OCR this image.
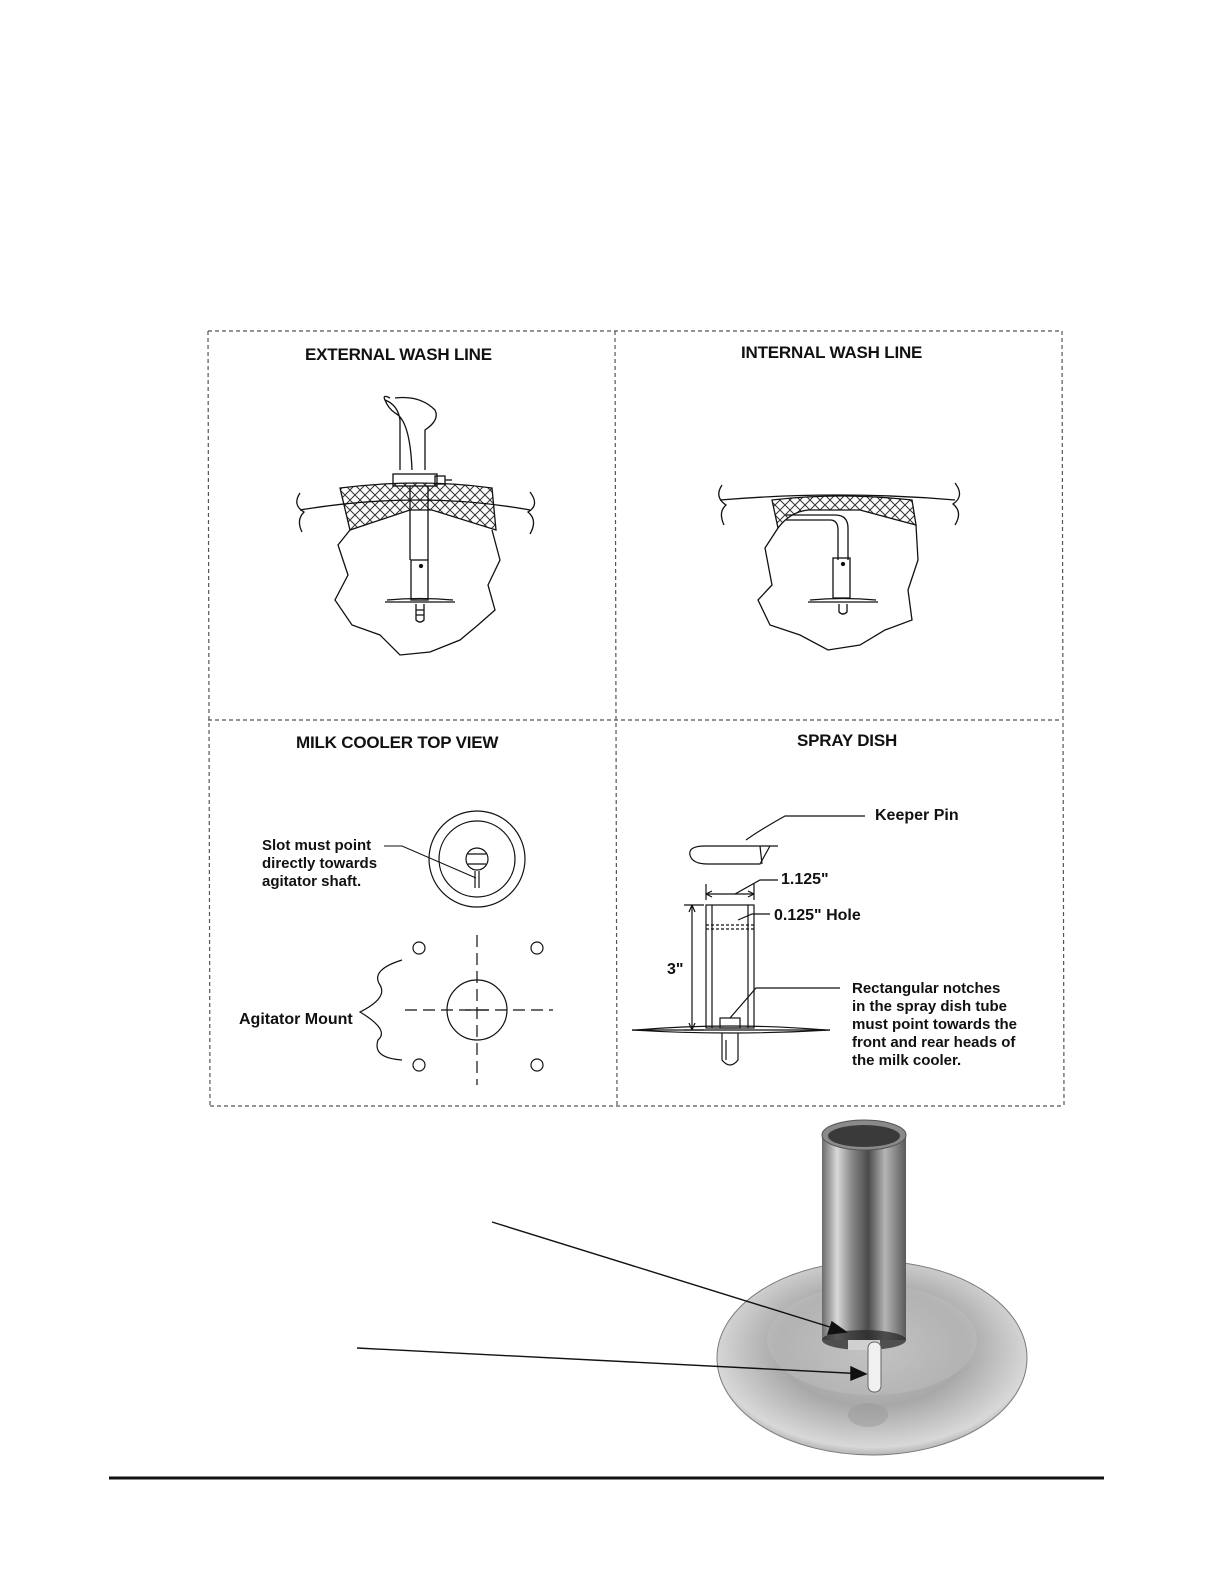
EXTERNAL WASH LINE	INTERNAL WASH LINE
MILK COOLER TOP VIEW	SPRAY DISH
Slot must point
directly towards
agitator shaft.
Agitator Mount
Keeper Pin
1.125"
0.125" Hole
3"
Rectangular notches
in the spray dish tube
must point towards the
front and rear heads of
the milk cooler.
